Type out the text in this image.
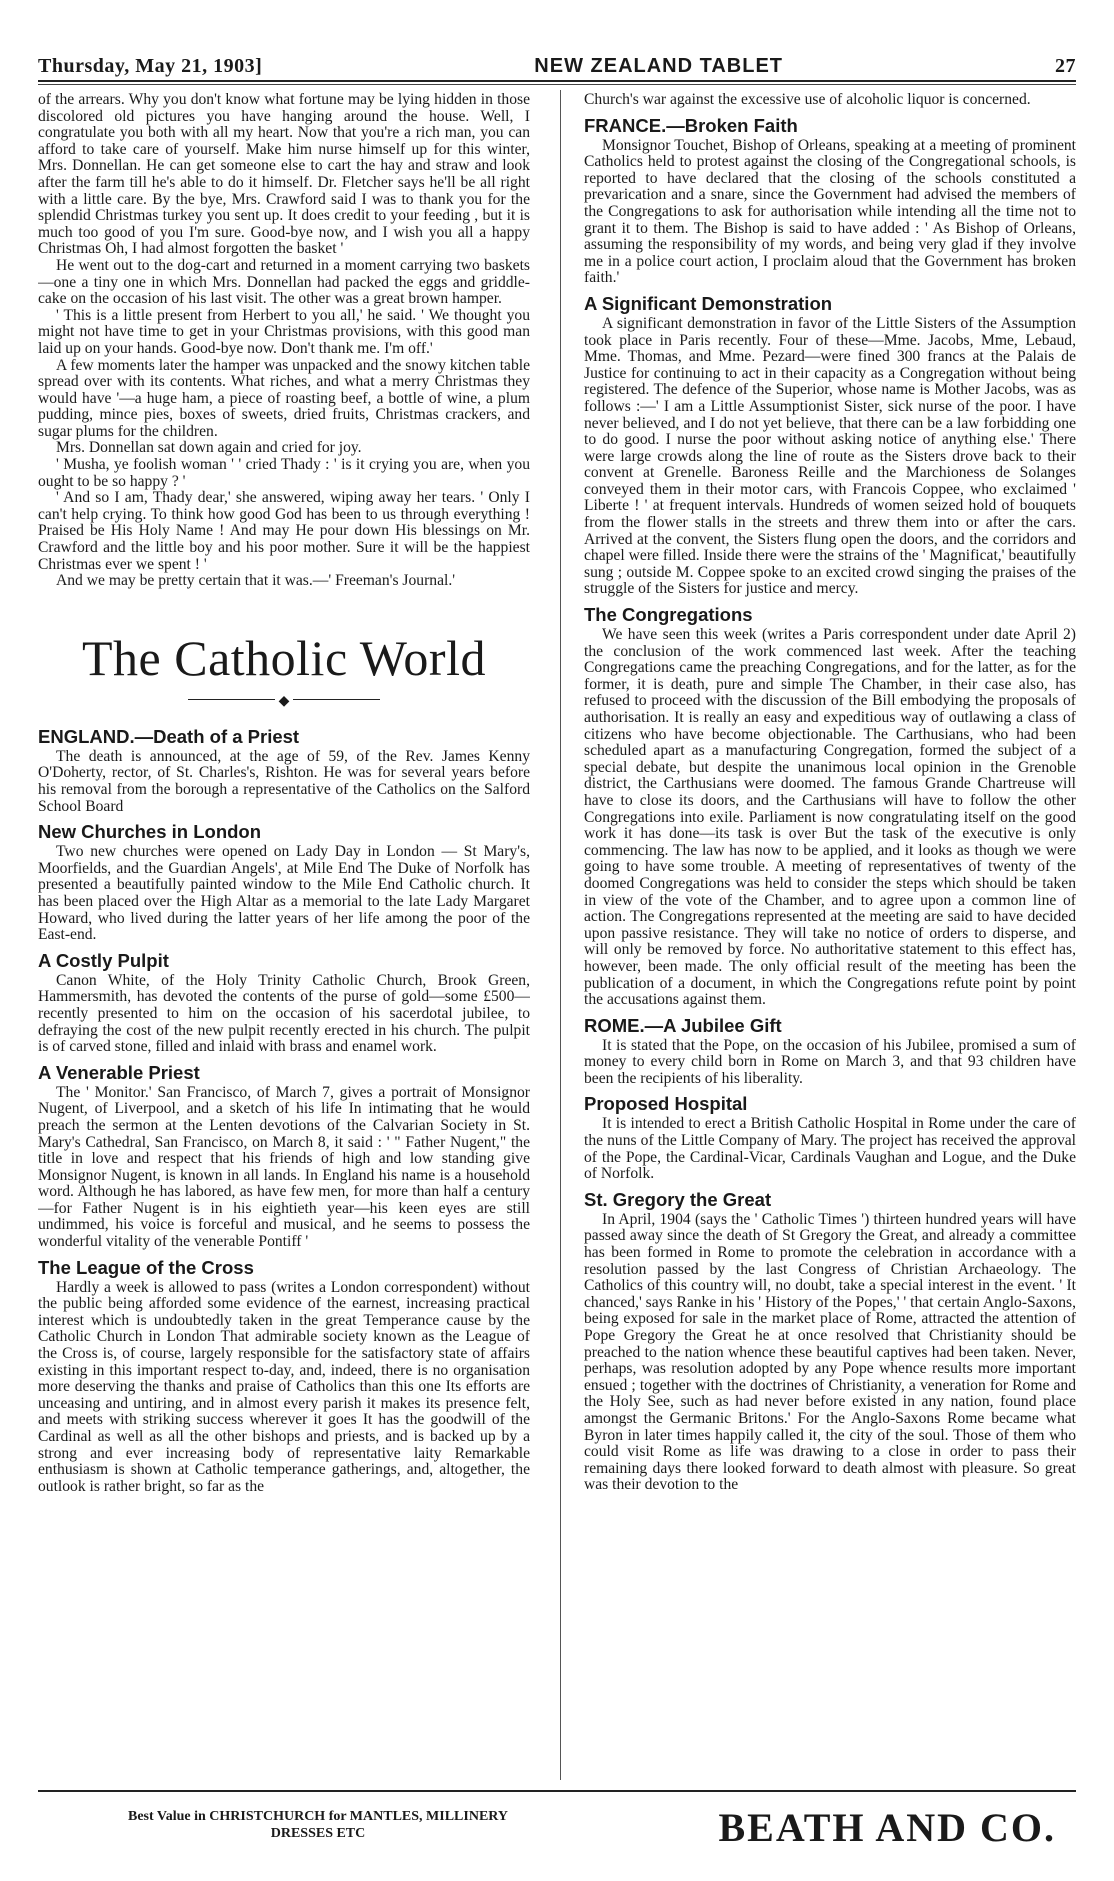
Thursday, May 21, 1903]	NEW ZEALAND TABLET	27

of the arrears. Why you don't know what fortune may be lying hidden in those discolored old pictures you have hanging around the house. Well, I congratulate you both with all my heart. Now that you're a rich man, you can afford to take care of yourself. Make him nurse himself up for this winter, Mrs. Donnellan. He can get someone else to cart the hay and straw and look after the farm till he's able to do it himself. Dr. Fletcher says he'll be all right with a little care. By the bye, Mrs. Crawford said I was to thank you for the splendid Christmas turkey you sent up. It does credit to your feeding , but it is much too good of you I'm sure. Good-bye now, and I wish you all a happy Christmas Oh, I had almost forgotten the basket '

He went out to the dog-cart and returned in a moment carrying two baskets—one a tiny one in which Mrs. Donnellan had packed the eggs and griddle-cake on the occasion of his last visit. The other was a great brown hamper.

' This is a little present from Herbert to you all,' he said. ' We thought you might not have time to get in your Christmas provisions, with this good man laid up on your hands. Good-bye now. Don't thank me. I'm off.'

A few moments later the hamper was unpacked and the snowy kitchen table spread over with its contents. What riches, and what a merry Christmas they would have '—a huge ham, a piece of roasting beef, a bottle of wine, a plum pudding, mince pies, boxes of sweets, dried fruits, Christmas crackers, and sugar plums for the children.

Mrs. Donnellan sat down again and cried for joy.

' Musha, ye foolish woman ' ' cried Thady : ' is it crying you are, when you ought to be so happy ? '

' And so I am, Thady dear,' she answered, wiping away her tears. ' Only I can't help crying. To think how good God has been to us through everything ! Praised be His Holy Name ! And may He pour down His blessings on Mr. Crawford and the little boy and his poor mother. Sure it will be the happiest Christmas ever we spent ! '

And we may be pretty certain that it was.—' Freeman's Journal.'

The Catholic World
◆
ENGLAND.—Death of a Priest

The death is announced, at the age of 59, of the Rev. James Kenny O'Doherty, rector, of St. Charles's, Rishton. He was for several years before his removal from the borough a representative of the Catholics on the Salford School Board

New Churches in London

Two new churches were opened on Lady Day in London — St Mary's, Moorfields, and the Guardian Angels', at Mile End The Duke of Norfolk has presented a beautifully painted window to the Mile End Catholic church. It has been placed over the High Altar as a memorial to the late Lady Margaret Howard, who lived during the latter years of her life among the poor of the East-end.

A Costly Pulpit

Canon White, of the Holy Trinity Catholic Church, Brook Green, Hammersmith, has devoted the contents of the purse of gold—some £500—recently presented to him on the occasion of his sacerdotal jubilee, to defraying the cost of the new pulpit recently erected in his church. The pulpit is of carved stone, filled and inlaid with brass and enamel work.

A Venerable Priest

The ' Monitor.' San Francisco, of March 7, gives a portrait of Monsignor Nugent, of Liverpool, and a sketch of his life In intimating that he would preach the sermon at the Lenten devotions of the Calvarian Society in St. Mary's Cathedral, San Francisco, on March 8, it said : ' " Father Nugent," the title in love and respect that his friends of high and low standing give Monsignor Nugent, is known in all lands. In England his name is a household word. Although he has labored, as have few men, for more than half a century—for Father Nugent is in his eightieth year—his keen eyes are still undimmed, his voice is forceful and musical, and he seems to possess the wonderful vitality of the venerable Pontiff '

The League of the Cross

Hardly a week is allowed to pass (writes a London correspondent) without the public being afforded some evidence of the earnest, increasing practical interest which is undoubtedly taken in the great Temperance cause by the Catholic Church in London That admirable society known as the League of the Cross is, of course, largely responsible for the satisfactory state of affairs existing in this important respect to-day, and, indeed, there is no organisation more deserving the thanks and praise of Catholics than this one Its efforts are unceasing and untiring, and in almost every parish it makes its presence felt, and meets with striking success wherever it goes It has the goodwill of the Cardinal as well as all the other bishops and priests, and is backed up by a strong and ever increasing body of representative laity Remarkable enthusiasm is shown at Catholic temperance gatherings, and, altogether, the outlook is rather bright, so far as the

Church's war against the excessive use of alcoholic liquor is concerned.

FRANCE.—Broken Faith

Monsignor Touchet, Bishop of Orleans, speaking at a meeting of prominent Catholics held to protest against the closing of the Congregational schools, is reported to have declared that the closing of the schools constituted a prevarication and a snare, since the Government had advised the members of the Congregations to ask for authorisation while intending all the time not to grant it to them. The Bishop is said to have added : ' As Bishop of Orleans, assuming the responsibility of my words, and being very glad if they involve me in a police court action, I proclaim aloud that the Government has broken faith.'

A Significant Demonstration

A significant demonstration in favor of the Little Sisters of the Assumption took place in Paris recently. Four of these—Mme. Jacobs, Mme, Lebaud, Mme. Thomas, and Mme. Pezard—were fined 300 francs at the Palais de Justice for continuing to act in their capacity as a Congregation without being registered. The defence of the Superior, whose name is Mother Jacobs, was as follows :—' I am a Little Assumptionist Sister, sick nurse of the poor. I have never believed, and I do not yet believe, that there can be a law forbidding one to do good. I nurse the poor without asking notice of anything else.' There were large crowds along the line of route as the Sisters drove back to their convent at Grenelle. Baroness Reille and the Marchioness de Solanges conveyed them in their motor cars, with Francois Coppee, who exclaimed ' Liberte ! ' at frequent intervals. Hundreds of women seized hold of bouquets from the flower stalls in the streets and threw them into or after the cars. Arrived at the convent, the Sisters flung open the doors, and the corridors and chapel were filled. Inside there were the strains of the ' Magnificat,' beautifully sung ; outside M. Coppee spoke to an excited crowd singing the praises of the struggle of the Sisters for justice and mercy.

The Congregations

We have seen this week (writes a Paris correspondent under date April 2) the conclusion of the work commenced last week. After the teaching Congregations came the preaching Congregations, and for the latter, as for the former, it is death, pure and simple The Chamber, in their case also, has refused to proceed with the discussion of the Bill embodying the proposals of authorisation. It is really an easy and expeditious way of outlawing a class of citizens who have become objectionable. The Carthusians, who had been scheduled apart as a manufacturing Congregation, formed the subject of a special debate, but despite the unanimous local opinion in the Grenoble district, the Carthusians were doomed. The famous Grande Chartreuse will have to close its doors, and the Carthusians will have to follow the other Congregations into exile. Parliament is now congratulating itself on the good work it has done—its task is over But the task of the executive is only commencing. The law has now to be applied, and it looks as though we were going to have some trouble. A meeting of representatives of twenty of the doomed Congregations was held to consider the steps which should be taken in view of the vote of the Chamber, and to agree upon a common line of action. The Congregations represented at the meeting are said to have decided upon passive resistance. They will take no notice of orders to disperse, and will only be removed by force. No authoritative statement to this effect has, however, been made. The only official result of the meeting has been the publication of a document, in which the Congregations refute point by point the accusations against them.

ROME.—A Jubilee Gift

It is stated that the Pope, on the occasion of his Jubilee, promised a sum of money to every child born in Rome on March 3, and that 93 children have been the recipients of his liberality.

Proposed Hospital

It is intended to erect a British Catholic Hospital in Rome under the care of the nuns of the Little Company of Mary. The project has received the approval of the Pope, the Cardinal-Vicar, Cardinals Vaughan and Logue, and the Duke of Norfolk.

St. Gregory the Great

In April, 1904 (says the ' Catholic Times ') thirteen hundred years will have passed away since the death of St Gregory the Great, and already a committee has been formed in Rome to promote the celebration in accordance with a resolution passed by the last Congress of Christian Archaeology. The Catholics of this country will, no doubt, take a special interest in the event. ' It chanced,' says Ranke in his ' History of the Popes,' ' that certain Anglo-Saxons, being exposed for sale in the market place of Rome, attracted the attention of Pope Gregory the Great he at once resolved that Christianity should be preached to the nation whence these beautiful captives had been taken. Never, perhaps, was resolution adopted by any Pope whence results more important ensued ; together with the doctrines of Christianity, a veneration for Rome and the Holy See, such as had never before existed in any nation, found place amongst the Germanic Britons.' For the Anglo-Saxons Rome became what Byron in later times happily called it, the city of the soul. Those of them who could visit Rome as life was drawing to a close in order to pass their remaining days there looked forward to death almost with pleasure. So great was their devotion to the

Best Value in CHRISTCHURCH for MANTLES, MILLINERY
DRESSES ETC	BEATH AND CO.
